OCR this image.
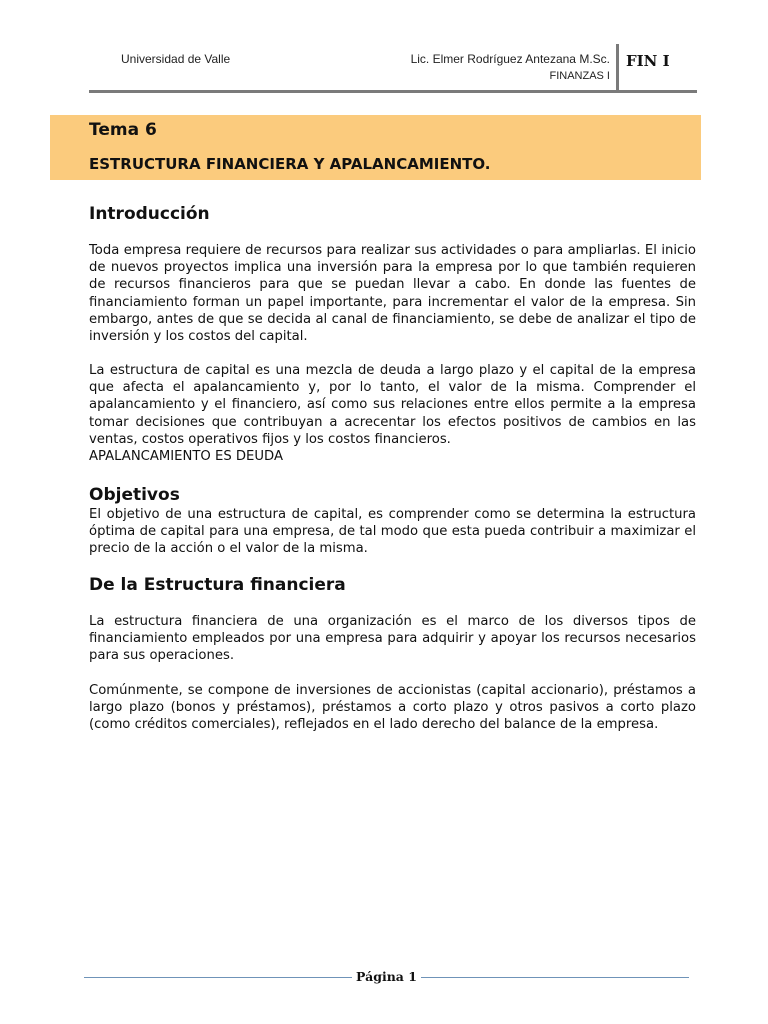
Universidad de Valle	Lic. Elmer Rodríguez Antezana M.Sc.
FINANZAS I
FIN I
Tema 6
ESTRUCTURA FINANCIERA Y APALANCAMIENTO.
Introducción

Toda empresa requiere de recursos para realizar sus actividades o para ampliarlas. El inicio de nuevos proyectos implica una inversión para la empresa por lo que también requieren de recursos financieros para que se puedan llevar a cabo. En donde las fuentes de financiamiento forman un papel importante, para incrementar el valor de la empresa. Sin embargo, antes de que se decida al canal de financiamiento, se debe de analizar el tipo de inversión y los costos del capital.

La estructura de capital es una mezcla de deuda a largo plazo y el capital de la empresa que afecta el apalancamiento y, por lo tanto, el valor de la misma. Comprender el apalancamiento y el financiero, así como sus relaciones entre ellos permite a la empresa tomar decisiones que contribuyan a acrecentar los efectos positivos de cambios en las ventas, costos operativos fijos y los costos financieros.

APALANCAMIENTO ES DEUDA

Objetivos

El objetivo de una estructura de capital, es comprender como se determina la estructura óptima de capital para una empresa, de tal modo que esta pueda contribuir a maximizar el precio de la acción o el valor de la misma.

De la Estructura financiera

La estructura financiera de una organización es el marco de los diversos tipos de financiamiento empleados por una empresa para adquirir y apoyar los recursos necesarios para sus operaciones.

Comúnmente, se compone de inversiones de accionistas (capital accionario), préstamos a largo plazo (bonos y préstamos), préstamos a corto plazo y otros pasivos a corto plazo (como créditos comerciales), reflejados en el lado derecho del balance de la empresa.

Página 1
